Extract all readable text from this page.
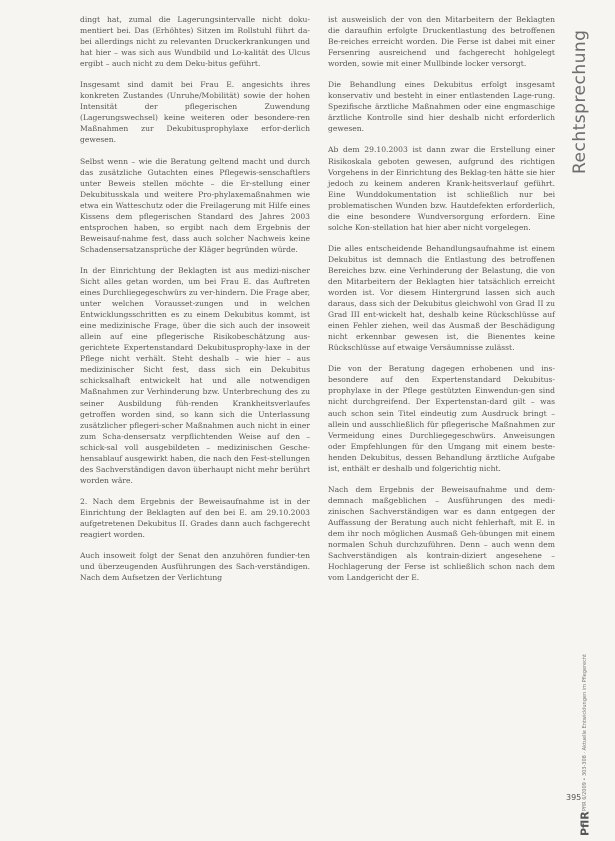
dingt hat, zumal die Lagerungsintervalle nicht doku-mentiert bei. Das (Erhöhtes) Sitzen im Rollstuhl führt da-bei allerdings nicht zu relevanten Druckerkrankungen und hat hier – was sich aus Wundbild und Lo-kalität des Ulcus ergibt – auch nicht zu dem Deku-bitus geführt.

Insgesamt sind damit bei Frau E. angesichts ihres konkreten Zustandes (Unruhe/Mobilität) sowie der hohen Intensität der pflegerischen Zuwendung (Lagerungswechsel) keine weiteren oder besondere-ren Maßnahmen zur Dekubitusprophylaxe erfor-derlich gewesen.

Selbst wenn – wie die Beratung geltend macht und durch das zusätzliche Gutachten eines Pflegewis-senschaftlers unter Beweis stellen möchte – die Er-stellung einer Dekubitusskala und weitere Pro-phylaxemaßnahmen wie etwa ein Watteschutz oder die Freilagerung mit Hilfe eines Kissens dem pflegerischen Standard des Jahres 2003 entsprochen haben, so ergibt nach dem Ergebnis der Beweisauf-nahme fest, dass auch solcher Nachweis keine Schadensersatzansprüche der Kläger begründen würde.

In der Einrichtung der Beklagten ist aus medizi-nischer Sicht alles getan worden, um bei Frau E. das Auftreten eines Durchliegegeschwürs zu ver-hindern. Die Frage aber, unter welchen Vorausset-zungen und in welchen Entwicklungsschritten es zu einem Dekubitus kommt, ist eine medizinische Frage, über die sich auch der insoweit allein auf eine pflegerische Risikobeschätzung aus-gerichtete Expertenstandard Dekubitusprophy-laxe in der Pflege nicht verhält. Steht deshalb – wie hier – aus medizinischer Sicht fest, dass sich ein Dekubitus schicksalhaft entwickelt hat und alle notwendigen Maßnahmen zur Verhinderung bzw. Unterbrechung des zu seiner Ausbildung füh-renden Krankheitsverlaufes getroffen worden sind, so kann sich die Unterlassung zusätzlicher pflegeri-scher Maßnahmen auch nicht in einer zum Scha-densersatz verpflichtenden Weise auf den – schick-sal voll ausgebildeten – medizinischen Gesche-hensablauf ausgewirkt haben, die nach den Fest-stellungen des Sachverständigen davon überhaupt nicht mehr berührt worden wäre.

2. Nach dem Ergebnis der Beweisaufnahme ist in der Einrichtung der Beklagten auf den bei E. am 29.10.2003 aufgetretenen Dekubitus II. Grades dann auch fachgerecht reagiert worden.

Auch insoweit folgt der Senat den anzuhören fundier-ten und überzeugenden Ausführungen des Sach-verständigen. Nach dem Aufsetzen der Verlichtung

ist ausweislich der von den Mitarbeitern der Beklagten die daraufhin erfolgte Druckentlastung des betroffenen Be-reiches erreicht worden. Die Ferse ist dabei mit einer Fersenring ausreichend und fachgerecht hohlgelegt worden, sowie mit einer Mullbinde locker versorgt.

Die Behandlung eines Dekubitus erfolgt insgesamt konservativ und besteht in einer entlastenden Lage-rung. Spezifische ärztliche Maßnahmen oder eine engmaschige ärztliche Kontrolle sind hier deshalb nicht erforderlich gewesen.

Ab dem 29.10.2003 ist dann zwar die Erstellung einer Risikoskala geboten gewesen, aufgrund des richtigen Vorgehens in der Einrichtung des Beklag-ten hätte sie hier jedoch zu keinem anderen Krank-heitsverlauf geführt. Eine Wunddokumentation ist schließlich nur bei problematischen Wunden bzw. Hautdefekten erforderlich, die eine besondere Wundversorgung erfordern. Eine solche Kon-stellation hat hier aber nicht vorgelegen.

Die alles entscheidende Behandlungsaufnahme ist einem Dekubitus ist demnach die Entlastung des betroffenen Bereiches bzw. eine Verhinderung der Belastung, die von den Mitarbeitern der Beklagten hier tatsächlich erreicht worden ist. Vor diesem Hintergrund lassen sich auch daraus, dass sich der Dekubitus gleichwohl von Grad II zu Grad III ent-wickelt hat, deshalb keine Rückschlüsse auf einen Fehler ziehen, weil das Ausmaß der Beschädigung nicht erkennbar gewesen ist, die Bienentes keine Rückschlüsse auf etwaige Versäumnisse zulässt.

Die von der Beratung dagegen erhobenen und ins-besondere auf den Expertenstandard Dekubitus-prophylaxe in der Pflege gestützten Einwendun-gen sind nicht durchgreifend. Der Expertenstan-dard gilt – was auch schon sein Titel eindeutig zum Ausdruck bringt – allein und ausschließlich für pflegerische Maßnahmen zur Vermeidung eines Durchliegegeschwürs. Anweisungen oder Empfehlungen für den Umgang mit einem beste-henden Dekubitus, dessen Behandlung ärztliche Aufgabe ist, enthält er deshalb und folgerichtig nicht.

Nach dem Ergebnis der Beweisaufnahme und dem-demnach maßgeblichen – Ausführungen des medi-zinischen Sachverständigen war es dann entgegen der Auffassung der Beratung auch nicht fehlerhaft, mit E. in dem ihr noch möglichen Ausmaß Geh-übungen mit einem normalen Schuh durchzuführen. Denn – auch wenn dem Sachverständigen als kontrain-diziert angesehene – Hochlagerung der Ferse ist schließlich schon nach dem vom Landgericht der E.

Rechtsprechung
PflR
PflR 6/2009 • 303-308 · Aktuelle Entwicklungen im Pflegerecht
395
